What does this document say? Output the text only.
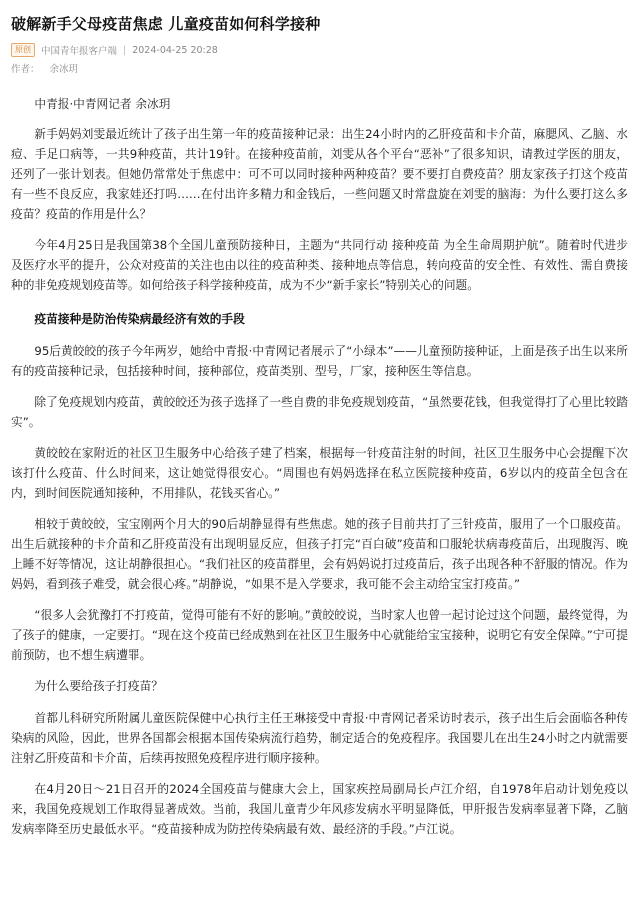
破解新手父母疫苗焦虑 儿童疫苗如何科学接种
原创	中国青年报客户端 | 2024-04-25 20:28
作者： 余冰玥

中青报·中青网记者 余冰玥

新手妈妈刘雯最近统计了孩子出生第一年的疫苗接种记录：出生24小时内的乙肝疫苗和卡介苗，麻腮风、乙脑、水痘、手足口病等，一共9种疫苗，共计19针。在接种疫苗前，刘雯从各个平台“恶补”了很多知识，请教过学医的朋友，还列了一张计划表。但她仍常常处于焦虑中：可不可以同时接种两种疫苗？要不要打自费疫苗？朋友家孩子打这个疫苗有一些不良反应，我家娃还打吗……在付出许多精力和金钱后，一些问题又时常盘旋在刘雯的脑海：为什么要打这么多疫苗？疫苗的作用是什么？

今年4月25日是我国第38个全国儿童预防接种日，主题为“共同行动 接种疫苗 为全生命周期护航”。随着时代进步及医疗水平的提升，公众对疫苗的关注也由以往的疫苗种类、接种地点等信息，转向疫苗的安全性、有效性、需自费接种的非免疫规划疫苗等。如何给孩子科学接种疫苗，成为不少“新手家长”特别关心的问题。

疫苗接种是防治传染病最经济有效的手段

95后黄皎皎的孩子今年两岁，她给中青报·中青网记者展示了“小绿本”——儿童预防接种证，上面是孩子出生以来所有的疫苗接种记录，包括接种时间，接种部位，疫苗类别、型号，厂家，接种医生等信息。

除了免疫规划内疫苗，黄皎皎还为孩子选择了一些自费的非免疫规划疫苗，“虽然要花钱，但我觉得打了心里比较踏实”。

黄皎皎在家附近的社区卫生服务中心给孩子建了档案，根据每一针疫苗注射的时间，社区卫生服务中心会提醒下次该打什么疫苗、什么时间来，这让她觉得很安心。“周围也有妈妈选择在私立医院接种疫苗，6岁以内的疫苗全包含在内，到时间医院通知接种，不用排队，花钱买省心。”

相较于黄皎皎，宝宝刚两个月大的90后胡静显得有些焦虑。她的孩子目前共打了三针疫苗，服用了一个口服疫苗。出生后就接种的卡介苗和乙肝疫苗没有出现明显反应，但孩子打完“百白破”疫苗和口服轮状病毒疫苗后，出现腹泻、晚上睡不好等情况，这让胡静很担心。“我们社区的疫苗群里，会有妈妈说打过疫苗后，孩子出现各种不舒服的情况。作为妈妈，看到孩子难受，就会很心疼。”胡静说，“如果不是入学要求，我可能不会主动给宝宝打疫苗。”

“很多人会犹豫打不打疫苗，觉得可能有不好的影响。”黄皎皎说，当时家人也曾一起讨论过这个问题，最终觉得，为了孩子的健康，一定要打。“现在这个疫苗已经成熟到在社区卫生服务中心就能给宝宝接种，说明它有安全保障。”宁可提前预防，也不想生病遭罪。

为什么要给孩子打疫苗？

首都儿科研究所附属儿童医院保健中心执行主任王琳接受中青报·中青网记者采访时表示，孩子出生后会面临各种传染病的风险，因此，世界各国都会根据本国传染病流行趋势，制定适合的免疫程序。我国婴儿在出生24小时之内就需要注射乙肝疫苗和卡介苗，后续再按照免疫程序进行顺序接种。

在4月20日～21日召开的2024全国疫苗与健康大会上，国家疾控局副局长卢江介绍，自1978年启动计划免疫以来，我国免疫规划工作取得显著成效。当前，我国儿童青少年风疹发病水平明显降低，甲肝报告发病率显著下降，乙脑发病率降至历史最低水平。“疫苗接种成为防控传染病最有效、最经济的手段。”卢江说。
